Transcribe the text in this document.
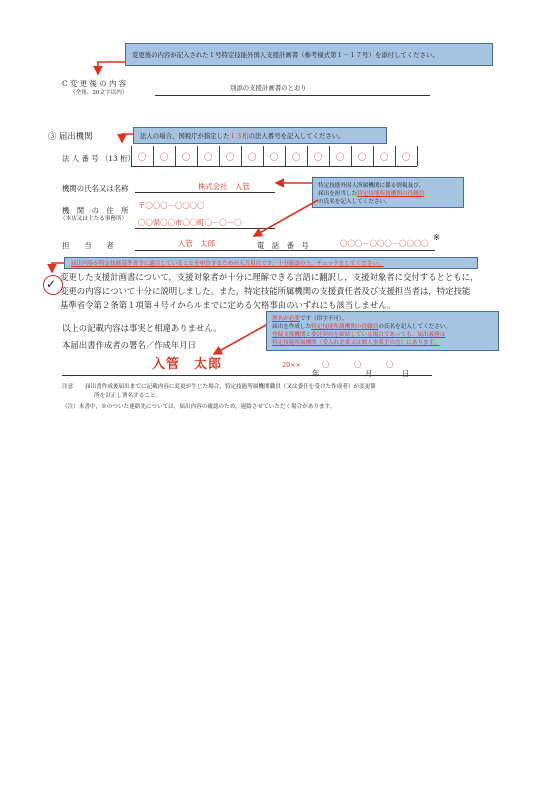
変更後の内容が記入された１号特定技能外国人支援計画書（参考様式第１－１７号）を添付してください。
C 変 更 後 の 内 容
（全角、20文字以内）
別添の支援計画書のとおり
③ 届出機関	法人の場合、国税庁が指定した１３桁の法人番号を記入してください。
法 人 番 号 （13 桁） 〇 〇 〇 〇 〇 〇 〇 〇 〇 〇 〇 〇 〇
機関の氏名又は名称	株式会社　入管	特定技能外国人所属機関に係る情報及び、
届出を担当した特定技能所属機関の役職員
の氏名を記入してください。
機　関　の　住　所
（本店又は主たる事務所）
〒〇〇〇－〇〇〇〇
〇〇県〇〇市〇〇町〇－〇－〇
担　　当　　者	入管　太郎	電　話　番　号	〇〇〇－〇〇〇－〇〇〇〇
※
届出内容が特定技能基準省令に適合していることを申告するための入力項目です。十分確認の上、チェックをしてください。
✓ 変更した支援計画書について，支援対象者が十分に理解できる言語に翻訳し，支援対象者に交付するとともに，
変更の内容について十分に説明しました。また，特定技能所属機関の支援責任者及び支援担当者は，特定技能
基準省令第２条第１項第４号イからルまでに定める欠格事由のいずれにも該当しません。
署名が必要です（印字不可）。
届出を作成した特定技能所属機関の役職員の氏名を記入してください。
登録支援機関と委託契約を締結している場合であっても、届出義務は
特定技能所属機関（受入れ企業又は個人事業主の方）にあります。
以上の記載内容は事実と相違ありません。
本届出書作成者の署名／作成年月日
入管　太郎	20××	〇
年
〇
月
〇
日
注意 届出書作成後届出までに記載内容に変更が生じた場合，特定技能所属機関職員（又は委任を受けた作成者）が変更箇
所を訂正し署名すること。
（注）本書中，※のついた連絡先については，届出内容の確認のため，連絡させていただく場合があります。
